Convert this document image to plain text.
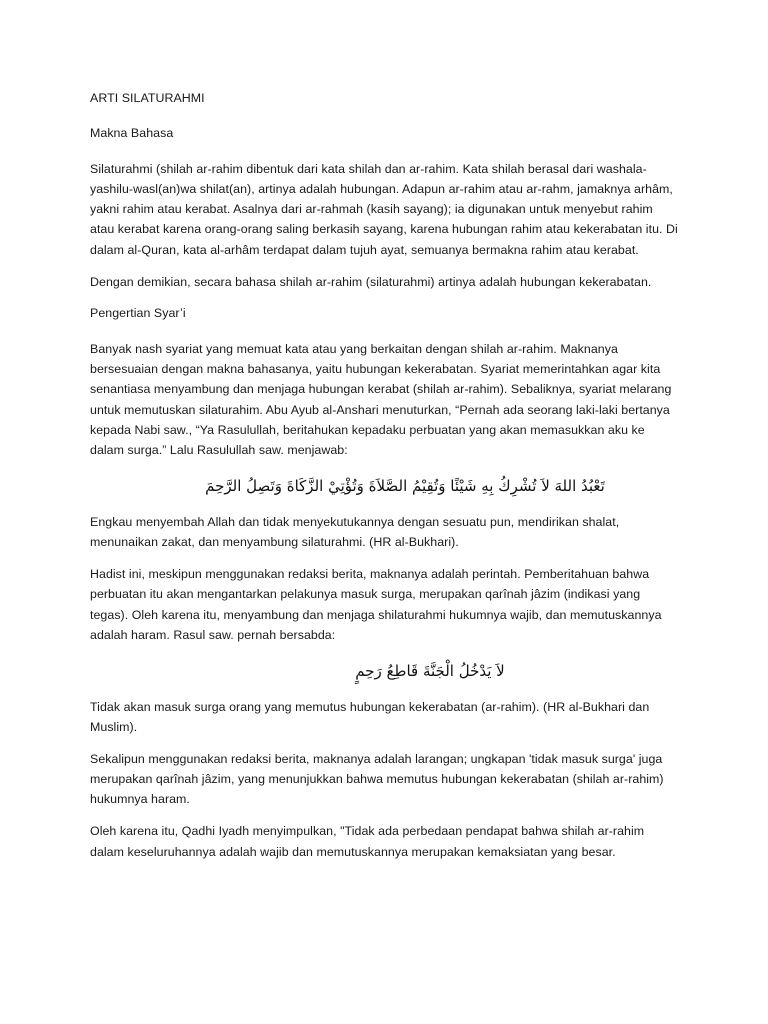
ARTI SILATURAHMI

Makna Bahasa

Silaturahmi (shilah ar-rahim dibentuk dari kata shilah dan ar-rahim. Kata shilah berasal dari washala-yashilu-wasl(an)wa shilat(an), artinya adalah hubungan. Adapun ar-rahim atau ar-rahm, jamaknya arhâm, yakni rahim atau kerabat. Asalnya dari ar-rahmah (kasih sayang); ia digunakan untuk menyebut rahim atau kerabat karena orang-orang saling berkasih sayang, karena hubungan rahim atau kekerabatan itu. Di dalam al-Quran, kata al-arhâm terdapat dalam tujuh ayat, semuanya bermakna rahim atau kerabat.

Dengan demikian, secara bahasa shilah ar-rahim (silaturahmi) artinya adalah hubungan kekerabatan.

Pengertian Syar’i

Banyak nash syariat yang memuat kata atau yang berkaitan dengan shilah ar-rahim. Maknanya bersesuaian dengan makna bahasanya, yaitu hubungan kekerabatan. Syariat memerintahkan agar kita senantiasa menyambung dan menjaga hubungan kerabat (shilah ar-rahim). Sebaliknya, syariat melarang untuk memutuskan silaturahim. Abu Ayub al-Anshari menuturkan, “Pernah ada seorang laki-laki bertanya kepada Nabi saw., “Ya Rasulullah, beritahukan kepadaku perbuatan yang akan memasukkan aku ke dalam surga.” Lalu Rasulullah saw. menjawab:

تَعْبُدُ اللهَ لاَ تُشْرِكُ بِهِ شَيْئًا وَتُقِيْمُ الصَّلاَةَ وَتُؤْتِيْ الزَّكَاةَ وَتَصِلُ الرَّحِمَ

Engkau menyembah Allah dan tidak menyekutukannya dengan sesuatu pun, mendirikan shalat, menunaikan zakat, dan menyambung silaturahmi. (HR al-Bukhari).

Hadist ini, meskipun menggunakan redaksi berita, maknanya adalah perintah. Pemberitahuan bahwa perbuatan itu akan mengantarkan pelakunya masuk surga, merupakan qarînah jâzim (indikasi yang tegas). Oleh karena itu, menyambung dan menjaga shilaturahmi hukumnya wajib, dan memutuskannya adalah haram. Rasul saw. pernah bersabda:

لاَ يَدْخُلُ الْجَنَّةَ قَاطِعُ رَحِمٍ

Tidak akan masuk surga orang yang memutus hubungan kekerabatan (ar-rahim). (HR al-Bukhari dan Muslim).

Sekalipun menggunakan redaksi berita, maknanya adalah larangan; ungkapan 'tidak masuk surga' juga merupakan qarînah jâzim, yang menunjukkan bahwa memutus hubungan kekerabatan (shilah ar-rahim) hukumnya haram.

Oleh karena itu, Qadhi Iyadh menyimpulkan, "Tidak ada perbedaan pendapat bahwa shilah ar-rahim dalam keseluruhannya adalah wajib dan memutuskannya merupakan kemaksiatan yang besar.
